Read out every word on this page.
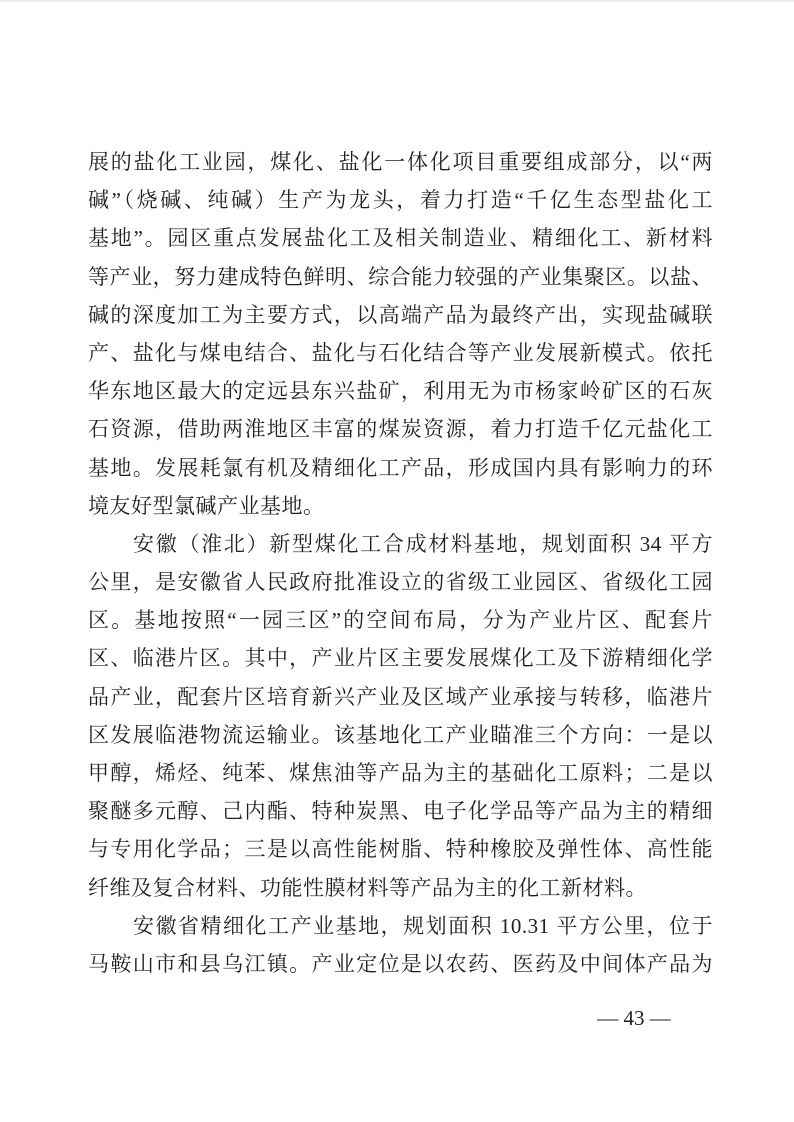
展的盐化工业园，煤化、盐化一体化项目重要组成部分，以“两
碱”（烧碱、纯碱）生产为龙头，着力打造“千亿生态型盐化工
基地”。园区重点发展盐化工及相关制造业、精细化工、新材料
等产业，努力建成特色鲜明、综合能力较强的产业集聚区。以盐、
碱的深度加工为主要方式，以高端产品为最终产出，实现盐碱联
产、盐化与煤电结合、盐化与石化结合等产业发展新模式。依托
华东地区最大的定远县东兴盐矿，利用无为市杨家岭矿区的石灰
石资源，借助两淮地区丰富的煤炭资源，着力打造千亿元盐化工
基地。发展耗氯有机及精细化工产品，形成国内具有影响力的环
境友好型氯碱产业基地。
安徽（淮北）新型煤化工合成材料基地，规划面积 34 平方
公里，是安徽省人民政府批准设立的省级工业园区、省级化工园
区。基地按照“一园三区”的空间布局，分为产业片区、配套片
区、临港片区。其中，产业片区主要发展煤化工及下游精细化学
品产业，配套片区培育新兴产业及区域产业承接与转移，临港片
区发展临港物流运输业。该基地化工产业瞄准三个方向：一是以
甲醇，烯烃、纯苯、煤焦油等产品为主的基础化工原料；二是以
聚醚多元醇、己内酯、特种炭黑、电子化学品等产品为主的精细
与专用化学品；三是以高性能树脂、特种橡胶及弹性体、高性能
纤维及复合材料、功能性膜材料等产品为主的化工新材料。
安徽省精细化工产业基地，规划面积 10.31 平方公里，位于
马鞍山市和县乌江镇。产业定位是以农药、医药及中间体产品为
— 43 —
